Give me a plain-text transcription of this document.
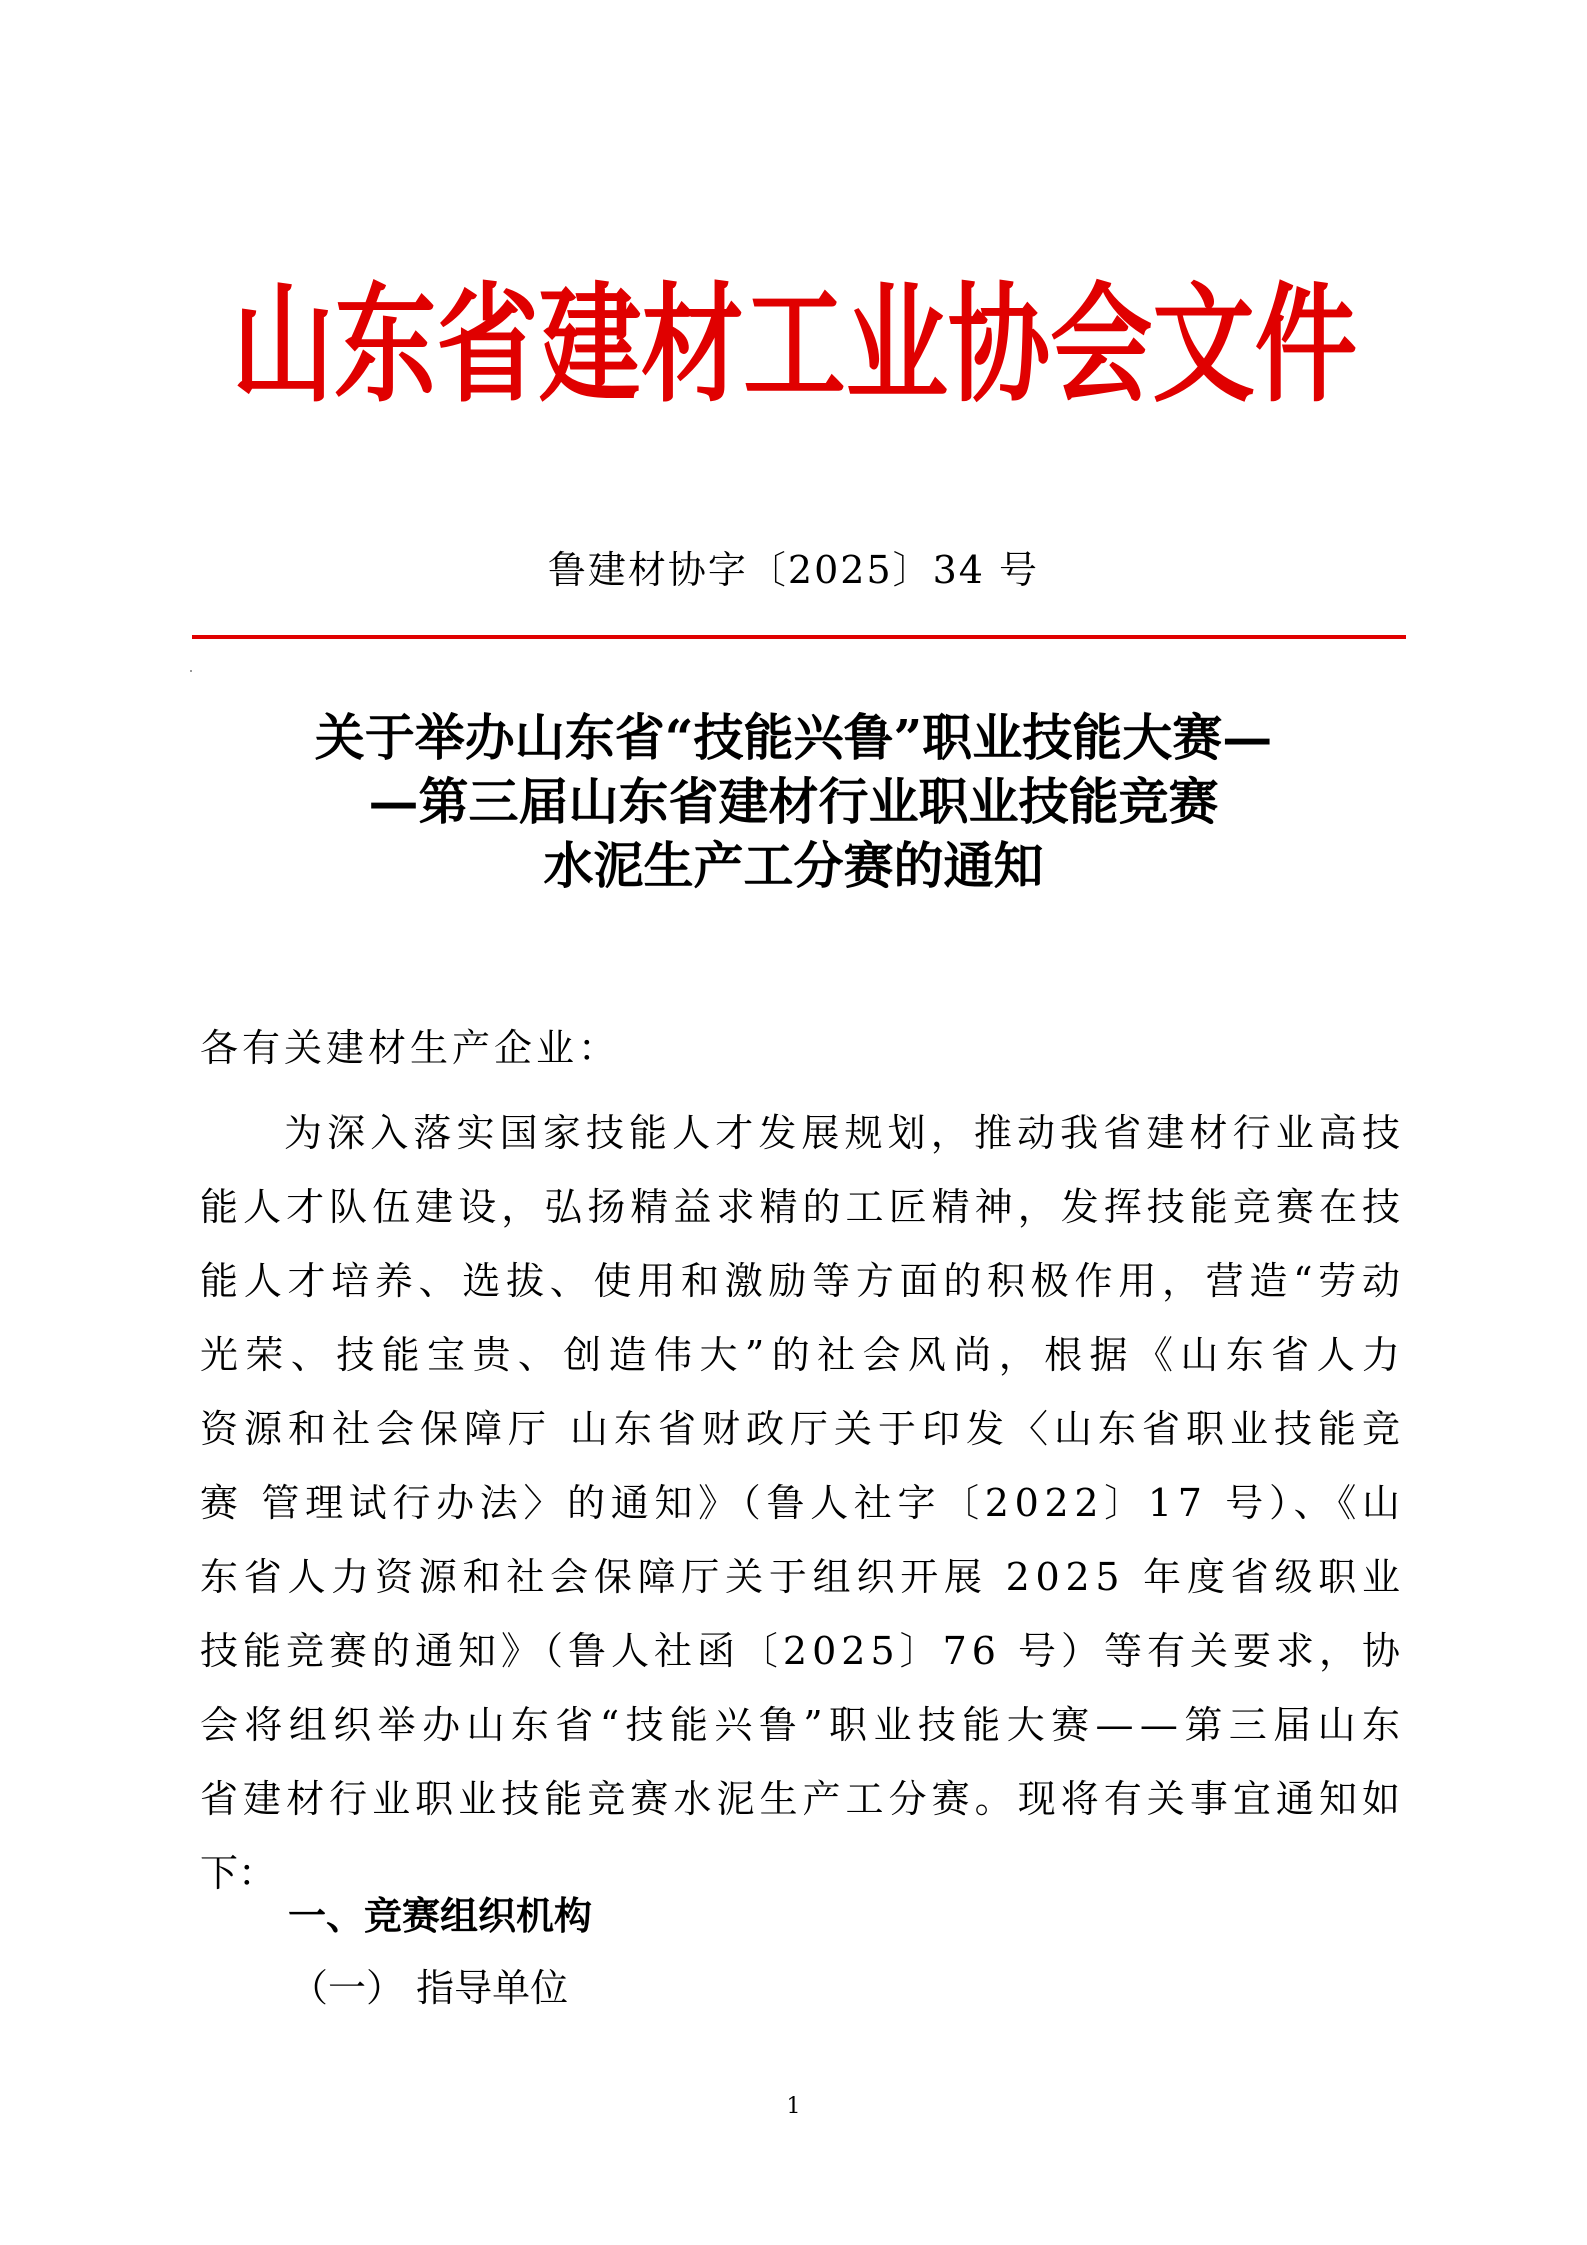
山东省建材工业协会文件
鲁建材协字〔2025〕34 号
关于举办山东省“技能兴鲁”职业技能大赛—
—第三届山东省建材行业职业技能竞赛
水泥生产工分赛的通知
各有关建材生产企业：
为深入落实国家技能人才发展规划，推动我省建材行业高技
能人才队伍建设，弘扬精益求精的工匠精神，发挥技能竞赛在技
能人才培养、选拔、使用和激励等方面的积极作用，营造“劳动
光荣、技能宝贵、创造伟大”的社会风尚，根据《山东省人力
资源和社会保障厅 山东省财政厅关于印发〈山东省职业技能竞
赛 管理试行办法〉的通知》（鲁人社字〔2022〕17 号）、《山
东省人力资源和社会保障厅关于组织开展 2025 年度省级职业
技能竞赛的通知》（鲁人社函〔2025〕76 号）等有关要求，协
会将组织举办山东省“技能兴鲁”职业技能大赛——第三届山东
省建材行业职业技能竞赛水泥生产工分赛。现将有关事宜通知如
下：
一、竞赛组织机构
（一） 指导单位
1
